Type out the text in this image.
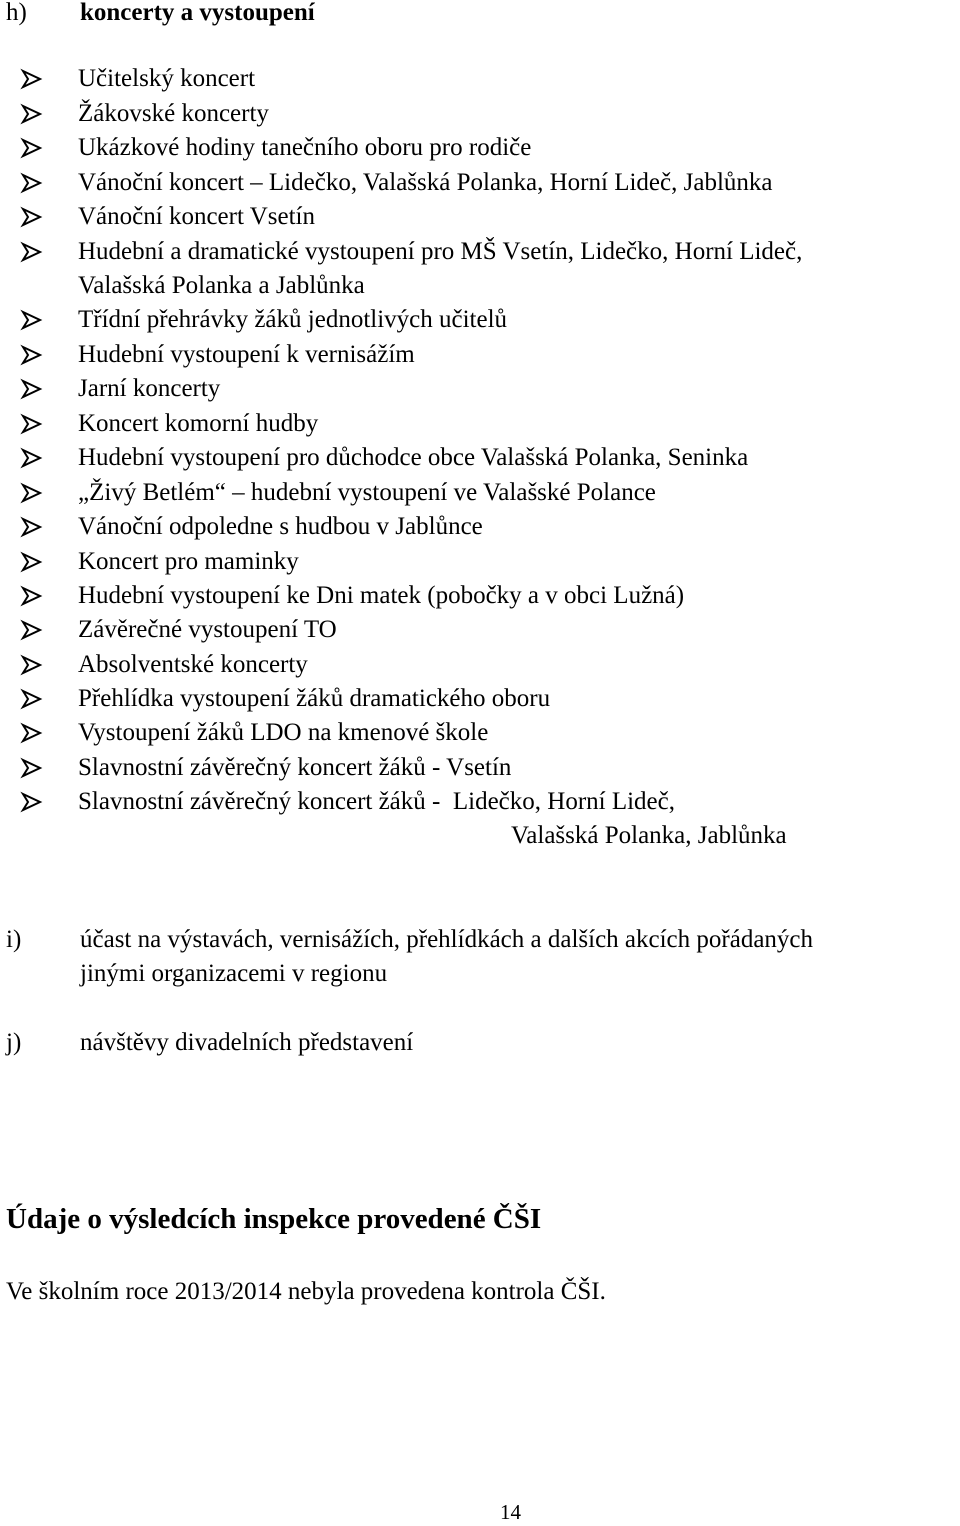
h) koncerty a vystoupení
Učitelský koncert
Žákovské koncerty
Ukázkové hodiny tanečního oboru pro rodiče
Vánoční koncert – Lidečko, Valašská Polanka, Horní Lideč, Jablůnka
Vánoční koncert Vsetín
Hudební a dramatické vystoupení pro MŠ Vsetín, Lidečko, Horní Lideč,
Valašská Polanka a Jablůnka
Třídní přehrávky žáků jednotlivých učitelů
Hudební vystoupení k vernisážím
Jarní koncerty
Koncert komorní hudby
Hudební vystoupení pro důchodce obce Valašská Polanka, Seninka
„Živý Betlém“ – hudební vystoupení ve Valašské Polance
Vánoční odpoledne s hudbou v Jablůnce
Koncert pro maminky
Hudební vystoupení ke Dni matek (pobočky a v obci Lužná)
Závěrečné vystoupení TO
Absolventské koncerty
Přehlídka vystoupení žáků dramatického oboru
Vystoupení žáků LDO na kmenové škole
Slavnostní závěrečný koncert žáků - Vsetín
Slavnostní závěrečný koncert žáků -  Lidečko, Horní Lideč,
Valašská Polanka, Jablůnka
i) účast na výstavách, vernisážích, přehlídkách a dalších akcích pořádaných
jinými organizacemi v regionu
j) návštěvy divadelních představení
Údaje o výsledcích inspekce provedené ČŠI
Ve školním roce 2013/2014 nebyla provedena kontrola ČŠI.
14
